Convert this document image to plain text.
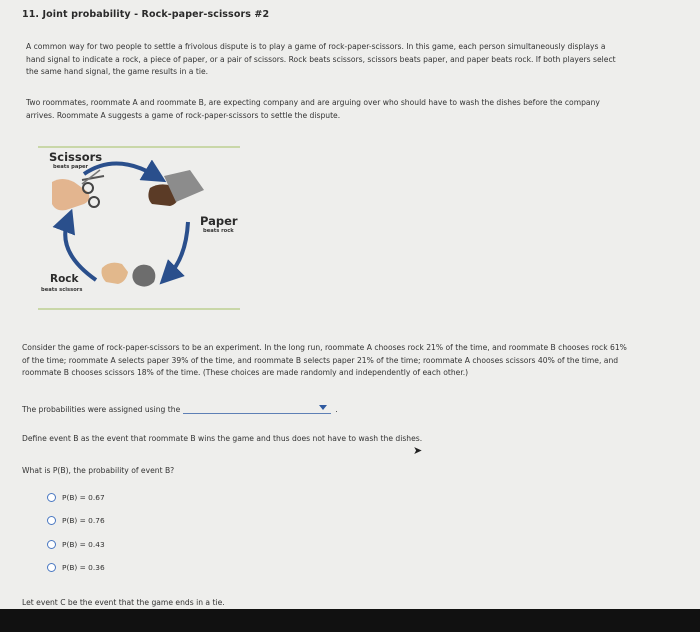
11. Joint probability - Rock-paper-scissors #2
A common way for two people to settle a frivolous dispute is to play a game of rock-paper-scissors. In this game, each person simultaneously displays a hand signal to indicate a rock, a piece of paper, or a pair of scissors. Rock beats scissors, scissors beats paper, and paper beats rock. If both players select the same hand signal, the game results in a tie.
Two roommates, roommate A and roommate B, are expecting company and are arguing over who should have to wash the dishes before the company arrives. Roommate A suggests a game of rock-paper-scissors to settle the dispute.
Scissors
beats paper
Paper
beats rock
Rock
beats scissors
Consider the game of rock-paper-scissors to be an experiment. In the long run, roommate A chooses rock 21% of the time, and roommate B chooses rock 61% of the time; roommate A selects paper 39% of the time, and roommate B selects paper 21% of the time; roommate A chooses scissors 40% of the time, and roommate B chooses scissors 18% of the time. (These choices are made randomly and independently of each other.)
The probabilities were assigned using the	.
Define event B as the event that roommate B wins the game and thus does not have to wash the dishes.
➤
What is P(B), the probability of event B?
P(B) = 0.67
P(B) = 0.76
P(B) = 0.43
P(B) = 0.36
Let event C be the event that the game ends in a tie.
